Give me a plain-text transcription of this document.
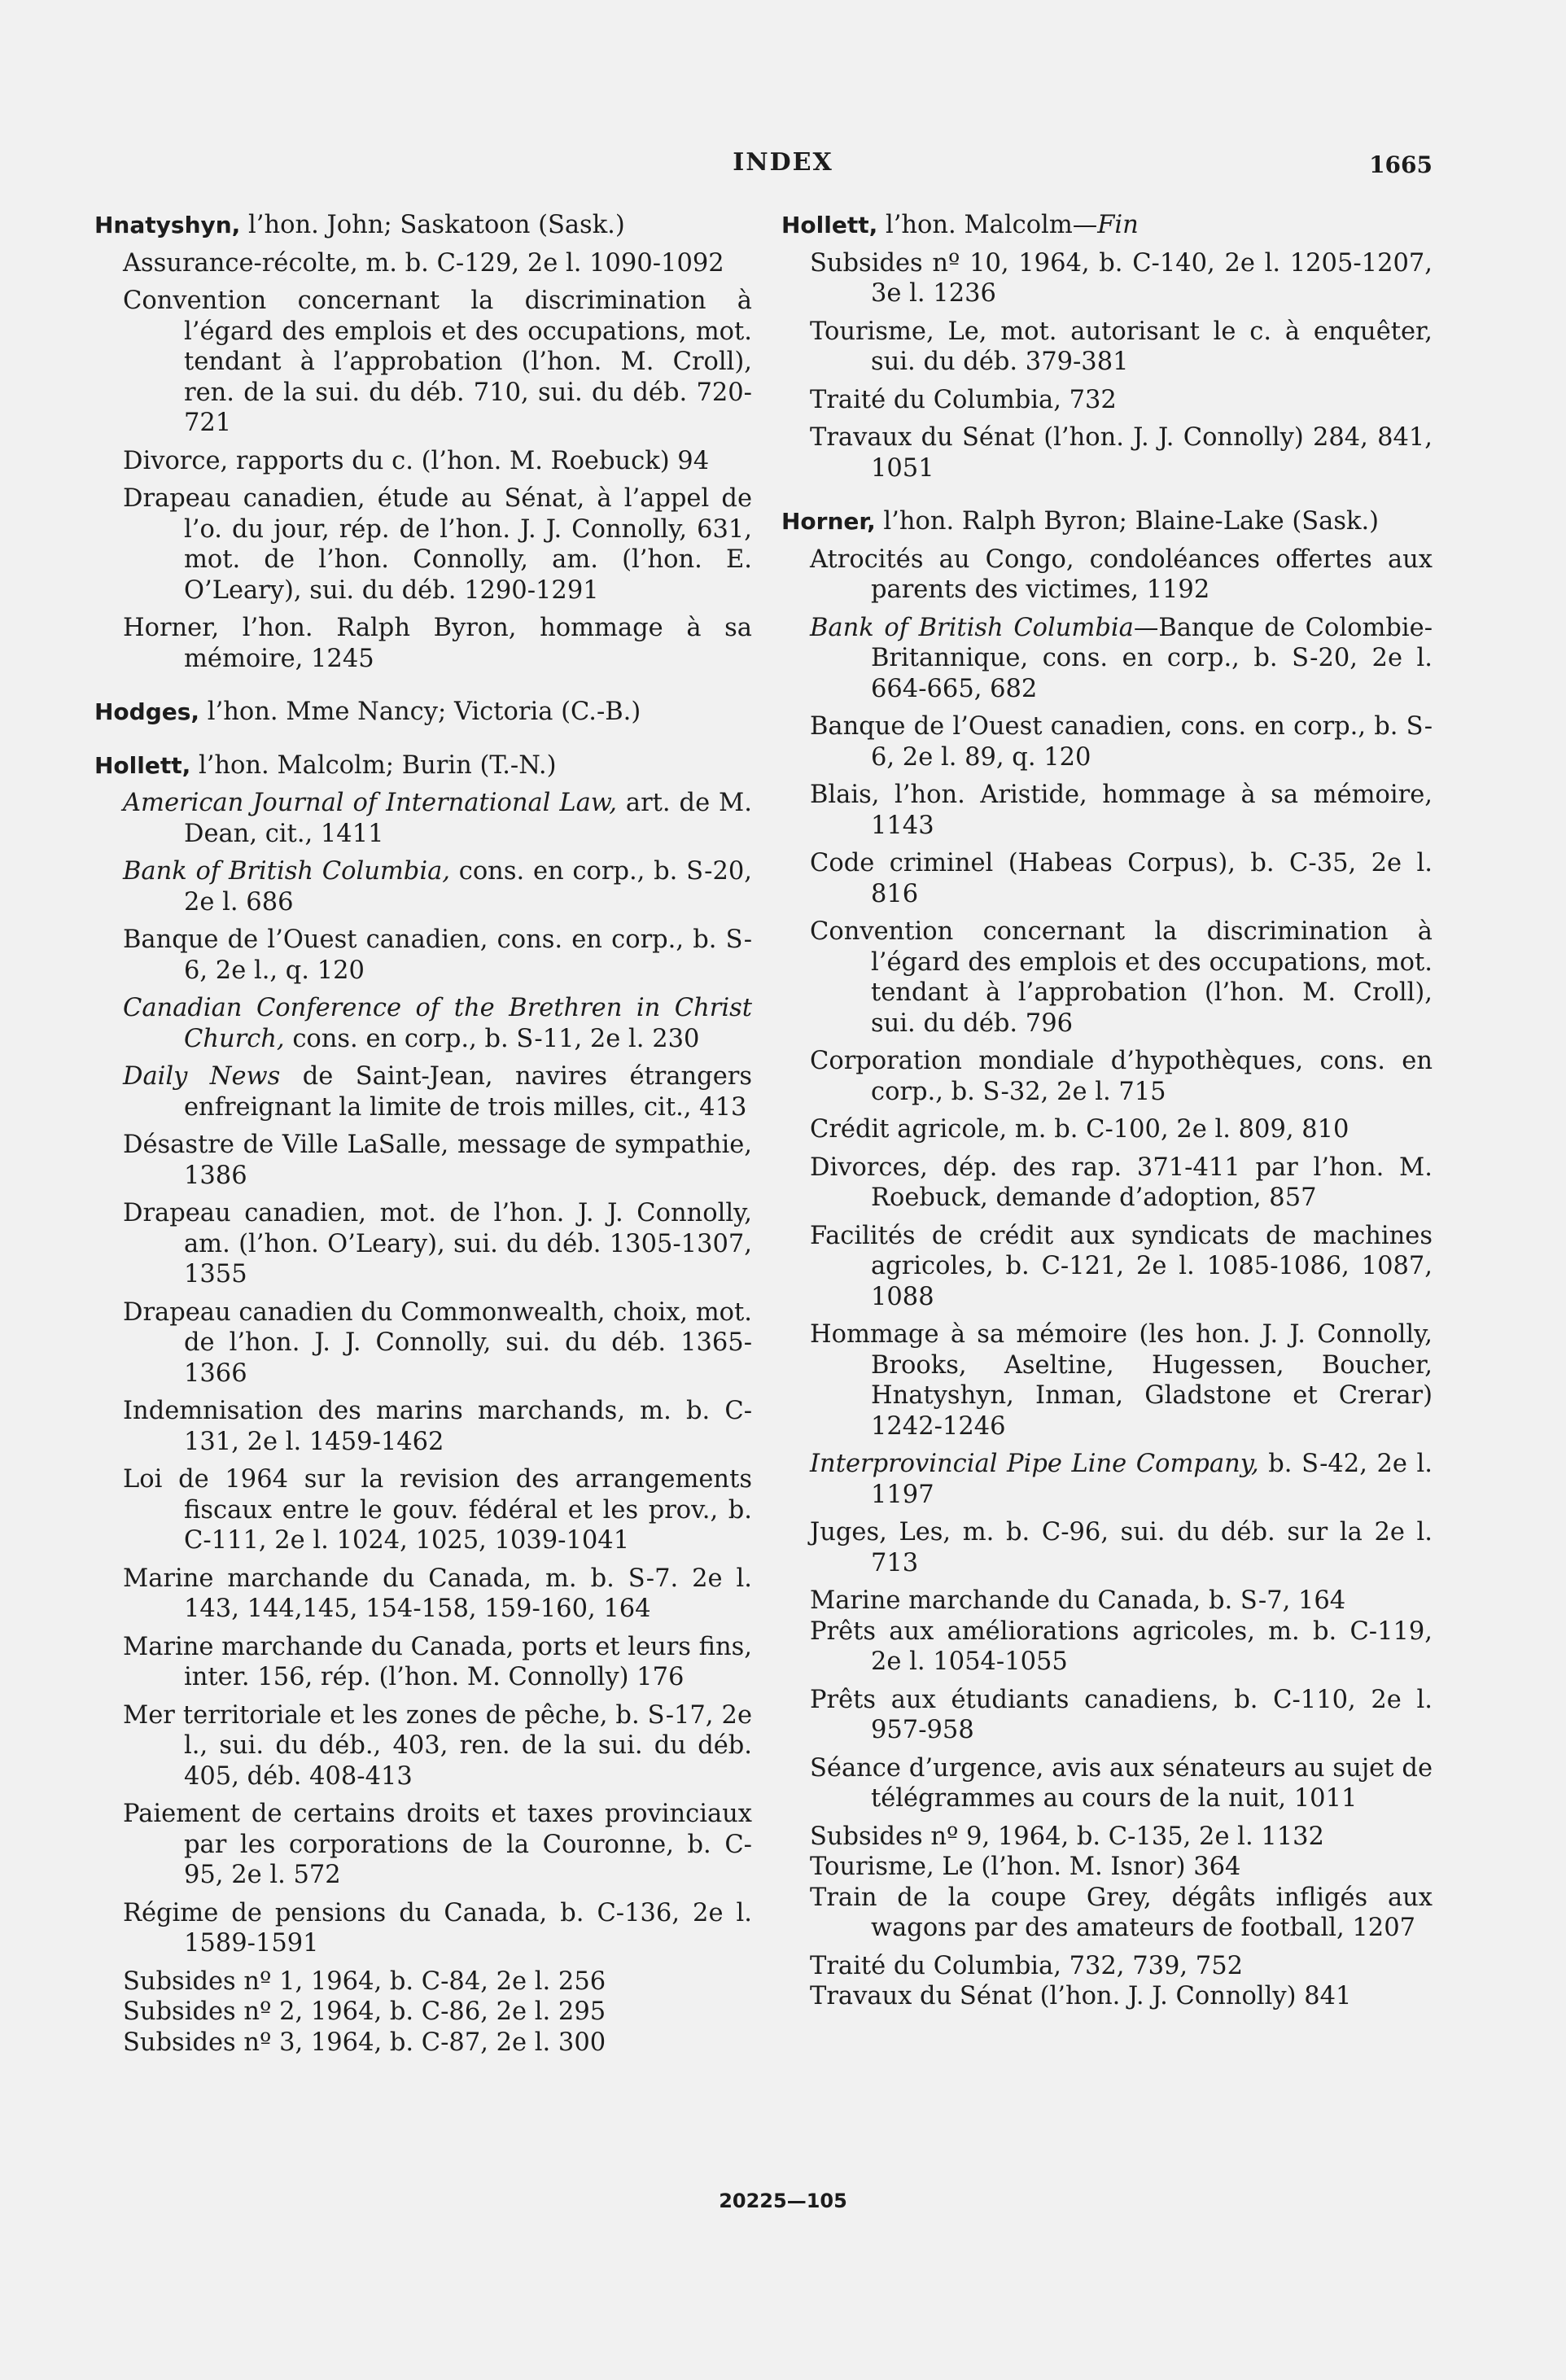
INDEX	1665
Hnatyshyn, l’hon. John; Saskatoon (Sask.)
Assurance-récolte, m. b. C-129, 2e l. 1090-1092
Convention concernant la discrimination à l’égard des emplois et des occupations, mot. tendant à l’approbation (l’hon. M. Croll), ren. de la sui. du déb. 710, sui. du déb. 720-721
Divorce, rapports du c. (l’hon. M. Roebuck) 94
Drapeau canadien, étude au Sénat, à l’appel de l’o. du jour, rép. de l’hon. J. J. Connolly, 631, mot. de l’hon. Connolly, am. (l’hon. E. O’Leary), sui. du déb. 1290-1291
Horner, l’hon. Ralph Byron, hommage à sa mémoire, 1245
Hodges, l’hon. Mme Nancy; Victoria (C.-B.)
Hollett, l’hon. Malcolm; Burin (T.-N.)
American Journal of International Law, art. de M. Dean, cit., 1411
Bank of British Columbia, cons. en corp., b. S-20, 2e l. 686
Banque de l’Ouest canadien, cons. en corp., b. S-6, 2e l., q. 120
Canadian Conference of the Brethren in Christ Church, cons. en corp., b. S-11, 2e l. 230
Daily News de Saint-Jean, navires étrangers enfreignant la limite de trois milles, cit., 413
Désastre de Ville LaSalle, message de sympathie, 1386
Drapeau canadien, mot. de l’hon. J. J. Connolly, am. (l’hon. O’Leary), sui. du déb. 1305-1307, 1355
Drapeau canadien du Commonwealth, choix, mot. de l’hon. J. J. Connolly, sui. du déb. 1365-1366
Indemnisation des marins marchands, m. b. C-131, 2e l. 1459-1462
Loi de 1964 sur la revision des arrangements fiscaux entre le gouv. fédéral et les prov., b. C-111, 2e l. 1024, 1025, 1039-1041
Marine marchande du Canada, m. b. S-7. 2e l. 143, 144,145, 154-158, 159-160, 164
Marine marchande du Canada, ports et leurs fins, inter. 156, rép. (l’hon. M. Connolly) 176
Mer territoriale et les zones de pêche, b. S-17, 2e l., sui. du déb., 403, ren. de la sui. du déb. 405, déb. 408-413
Paiement de certains droits et taxes provinciaux par les corporations de la Couronne, b. C-95, 2e l. 572
Régime de pensions du Canada, b. C-136, 2e l. 1589-1591
Subsides nº 1, 1964, b. C-84, 2e l. 256
Subsides nº 2, 1964, b. C-86, 2e l. 295
Subsides nº 3, 1964, b. C-87, 2e l. 300
Hollett, l’hon. Malcolm—Fin
Subsides nº 10, 1964, b. C-140, 2e l. 1205-1207, 3e l. 1236
Tourisme, Le, mot. autorisant le c. à enquêter, sui. du déb. 379-381
Traité du Columbia, 732
Travaux du Sénat (l’hon. J. J. Connolly) 284, 841, 1051
Horner, l’hon. Ralph Byron; Blaine-Lake (Sask.)
Atrocités au Congo, condoléances offertes aux parents des victimes, 1192
Bank of British Columbia—Banque de Colombie-Britannique, cons. en corp., b. S-20, 2e l. 664-665, 682
Banque de l’Ouest canadien, cons. en corp., b. S-6, 2e l. 89, q. 120
Blais, l’hon. Aristide, hommage à sa mémoire, 1143
Code criminel (Habeas Corpus), b. C-35, 2e l. 816
Convention concernant la discrimination à l’égard des emplois et des occupations, mot. tendant à l’approbation (l’hon. M. Croll), sui. du déb. 796
Corporation mondiale d’hypothèques, cons. en corp., b. S-32, 2e l. 715
Crédit agricole, m. b. C-100, 2e l. 809, 810
Divorces, dép. des rap. 371-411 par l’hon. M. Roebuck, demande d’adoption, 857
Facilités de crédit aux syndicats de machines agricoles, b. C-121, 2e l. 1085-1086, 1087, 1088
Hommage à sa mémoire (les hon. J. J. Connolly, Brooks, Aseltine, Hugessen, Boucher, Hnatyshyn, Inman, Gladstone et Crerar) 1242-1246
Interprovincial Pipe Line Company, b. S-42, 2e l. 1197
Juges, Les, m. b. C-96, sui. du déb. sur la 2e l. 713
Marine marchande du Canada, b. S-7, 164
Prêts aux améliorations agricoles, m. b. C-119, 2e l. 1054-1055
Prêts aux étudiants canadiens, b. C-110, 2e l. 957-958
Séance d’urgence, avis aux sénateurs au sujet de télégrammes au cours de la nuit, 1011
Subsides nº 9, 1964, b. C-135, 2e l. 1132
Tourisme, Le (l’hon. M. Isnor) 364
Train de la coupe Grey, dégâts infligés aux wagons par des amateurs de football, 1207
Traité du Columbia, 732, 739, 752
Travaux du Sénat (l’hon. J. J. Connolly) 841
20225—105
